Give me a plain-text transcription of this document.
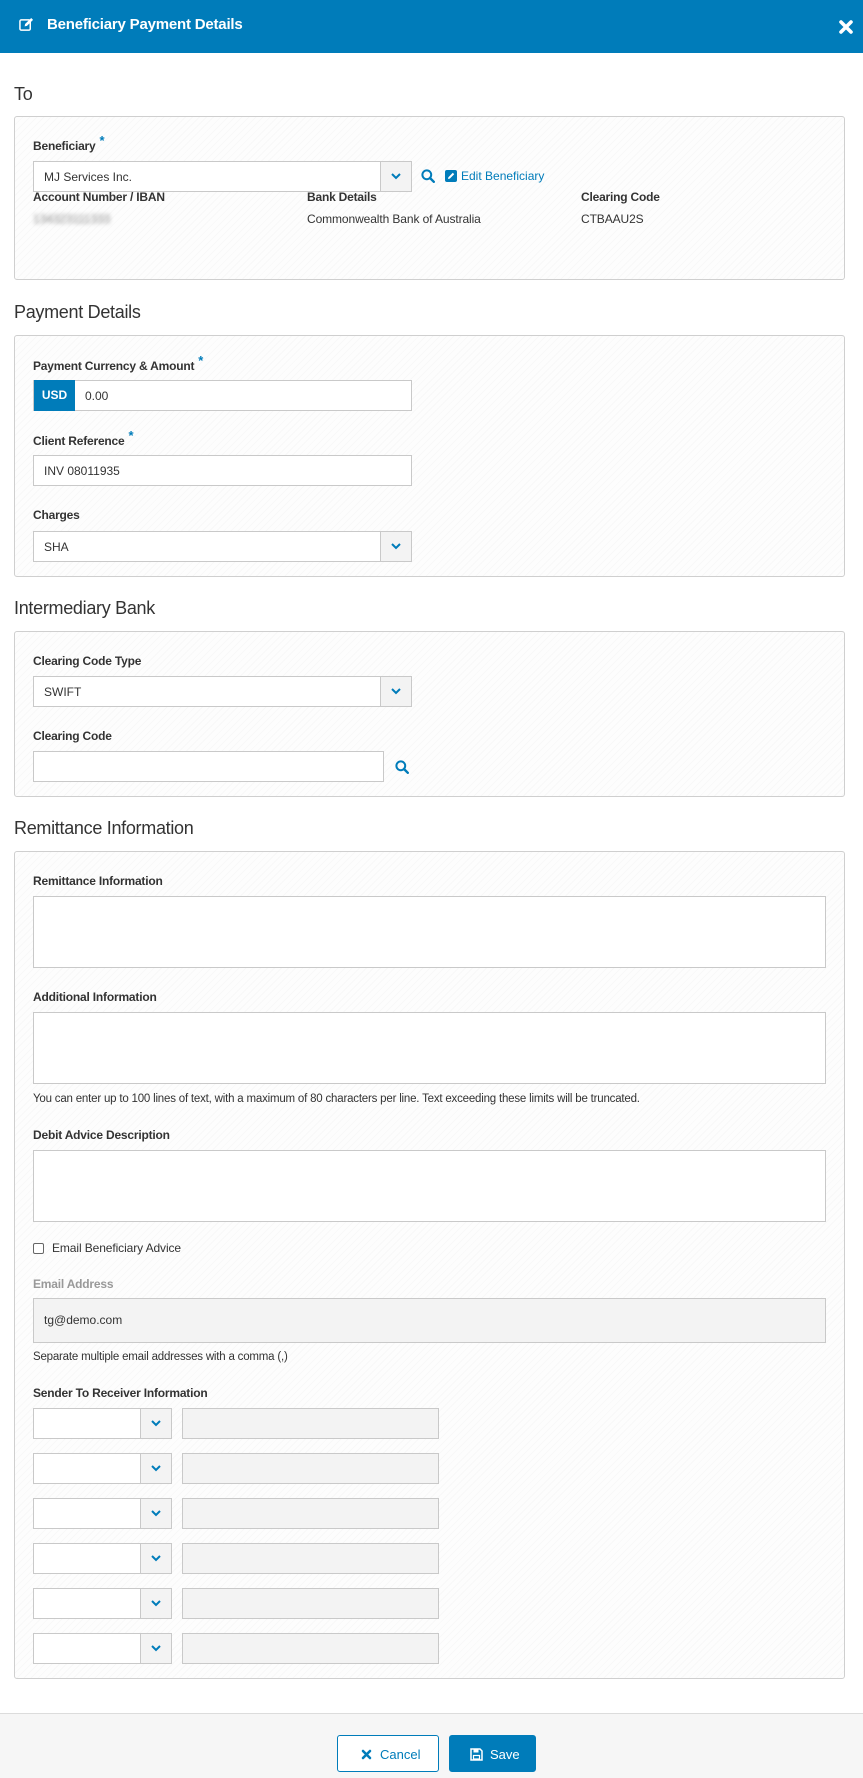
Beneficiary Payment Details
To
Beneficiary *
MJ Services Inc.	Edit Beneficiary
Account Number / IBAN
134323111333
Bank Details
Commonwealth Bank of Australia
Clearing Code
CTBAAU2S
Payment Details
Payment Currency & Amount *
USD	0.00
Client Reference *
INV 08011935
Charges
SHA
Intermediary Bank
Clearing Code Type
SWIFT
Clearing Code
Remittance Information
Remittance Information
Additional Information
You can enter up to 100 lines of text, with a maximum of 80 characters per line. Text exceeding these limits will be truncated.
Debit Advice Description
Email Beneficiary Advice
Email Address
tg@demo.com
Separate multiple email addresses with a comma (,)
Sender To Receiver Information
Cancel	Save
